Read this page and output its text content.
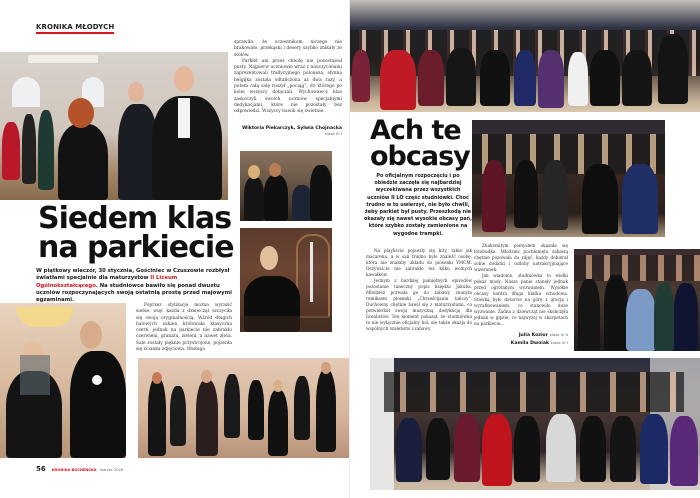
KRONIKA MŁODYCH

sprawiła, że uczestnikom niczego nie brakowało, przekąski i desery szybko znikały ze stołów.

Parkiet ani przez chwilę nie pozostawał pusty. Najpierw uczniowie wraz z nauczycielami zaprezentowali tradycyjnego poloneza, słynna belgijka została odtańczona aż dwa razy, a potem całą salę ruszył „pociąg”, do którego po kolei wszyscy dołączali. Wychowawcy klas zaskoczyli swoich uczniów specjalnymi dedykacjami, które nie pozostały bez odpowiedzi. Wszyscy bawili się świetnie.

Wiktoria Piekarczyk, Sylwia Chojnacka
klasa IV f
Siedem klas
na parkiecie
W piątkowy wieczór, 30 stycznia, Gościniec w Czuszowie rozbłysł światłami specjalnie dla maturzystów II Liceum Ogólnokształcącego. Na studniówce bawiło się ponad dwustu uczniów rozpoczynających swoją ostatnią prostą przed majowymi egzaminami.

Poprzez stylizacje można wyrazić siebie, więc każda z dziewcząt szczyciła się swoją oryginalnością. Wśród długich balowych sukien królowała klasyczna czerń, jednak na parkiecie nie zabrakło czerwieni, granatu, zieleni, a nawet złota. Sale zostały pięknie przystrojone, pojawiła się ścianka zdjęciowa. Obsługa

56 KRONIKA BOCHEŃSKA marzec 2026
Ach te
obcasy
Po oficjalnym rozpoczęciu i po obiedzie zaczęła się najbardziej wyczekiwana przez wszystkich uczniów II LO część studniówki. Choć trudno w to uwierzyć, nie było chwili, żeby parkiet był pusty. Przeszkodą nie okazały się nawet wysokie obcasy pań, które szybko zostały zamienione na wygodne trampki.

Na playliście pojawiły się hity, takie jak macarena, a w sali trudno było znaleźć osobę, która nie znałaby układu do piosenki YMCM. Oczywiście nie zabrakło też kilku wolnych kawałków.

Jednym z bardziej pamiętnych epizodów pozostanie taneczny popis księdza Jakuba. Młodzież porwała go do zabawy znanym remiksem piosenki „Chrześcijanin tańczy”. Duchowny chętnie bawił się z maturzystami, co potwierdził swoją muzyczną dedykacją dla licealistów. Ten moment pokazał, że studniówka to nie wyłącznie oficjalny bal, ale także okazja do wspólnych szaleństw i zabawy.

Znakomitym pomysłem okazała się fotobudka. Młodzież pochłonięta zabawą chętnie pozowała do zdjęć, każdy dobierał sobie dodatki i ozdoby uatrakcyjniające wizerunek.

Jak wiadomo, studniówka to wielki pokaz mody. Nasze panie stanęły jednak przed ogromnym wyzwaniem. Wysokie obcasy kontra długa klatka schodowa. Stawką było dotarcie na górę z gracją i wyrafinowaniem, co stanowiło duże wyzwanie. Żadna z dziewcząt nie skończyła jednak w gipsie, co najwyżej w skarpetach na parkiecie...

Julia Kozior klasa IV d
Kamila Dwoiak klasa IV f
